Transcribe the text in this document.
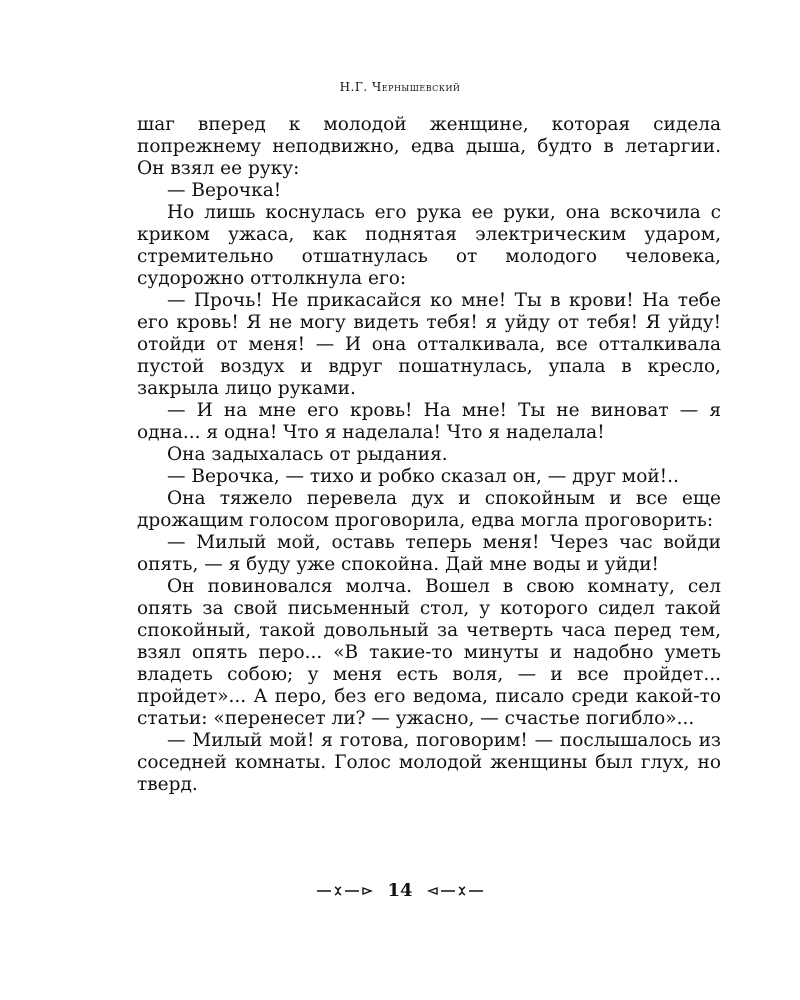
Н.Г. Чернышевский

шаг вперед к молодой женщине, которая сидела попрежнему неподвижно, едва дыша, будто в летаргии. Он взял ее руку:

— Верочка!

Но лишь коснулась его рука ее руки, она вскочила с криком ужаса, как поднятая электрическим ударом, стремительно отшатнулась от молодого человека, судорожно оттолкнула его:

— Прочь! Не прикасайся ко мне! Ты в крови! На тебе его кровь! Я не могу видеть тебя! я уйду от тебя! Я уйду! отойди от меня! — И она отталкивала, все отталкивала пустой воздух и вдруг пошатнулась, упала в кресло, закрыла лицо руками.

— И на мне его кровь! На мне! Ты не виноват — я одна... я одна! Что я наделала! Что я наделала!

Она задыхалась от рыдания.

— Верочка, — тихо и робко сказал он, — друг мой!..

Она тяжело перевела дух и спокойным и все еще дрожащим голосом проговорила, едва могла проговорить:

— Милый мой, оставь теперь меня! Через час войди опять, — я буду уже спокойна. Дай мне воды и уйди!

Он повиновался молча. Вошел в свою комнату, сел опять за свой письменный стол, у которого сидел такой спокойный, такой довольный за четверть часа перед тем, взял опять перо... «В такие-то минуты и надобно уметь владеть собою; у меня есть воля, — и все пройдет... пройдет»... А перо, без его ведома, писало среди какой-то статьи: «перенесет ли? — ужасно, — счастье погибло»...

— Милый мой! я готова, поговорим! — послышалось из соседней комнаты. Голос молодой женщины был глух, но тверд.

14
